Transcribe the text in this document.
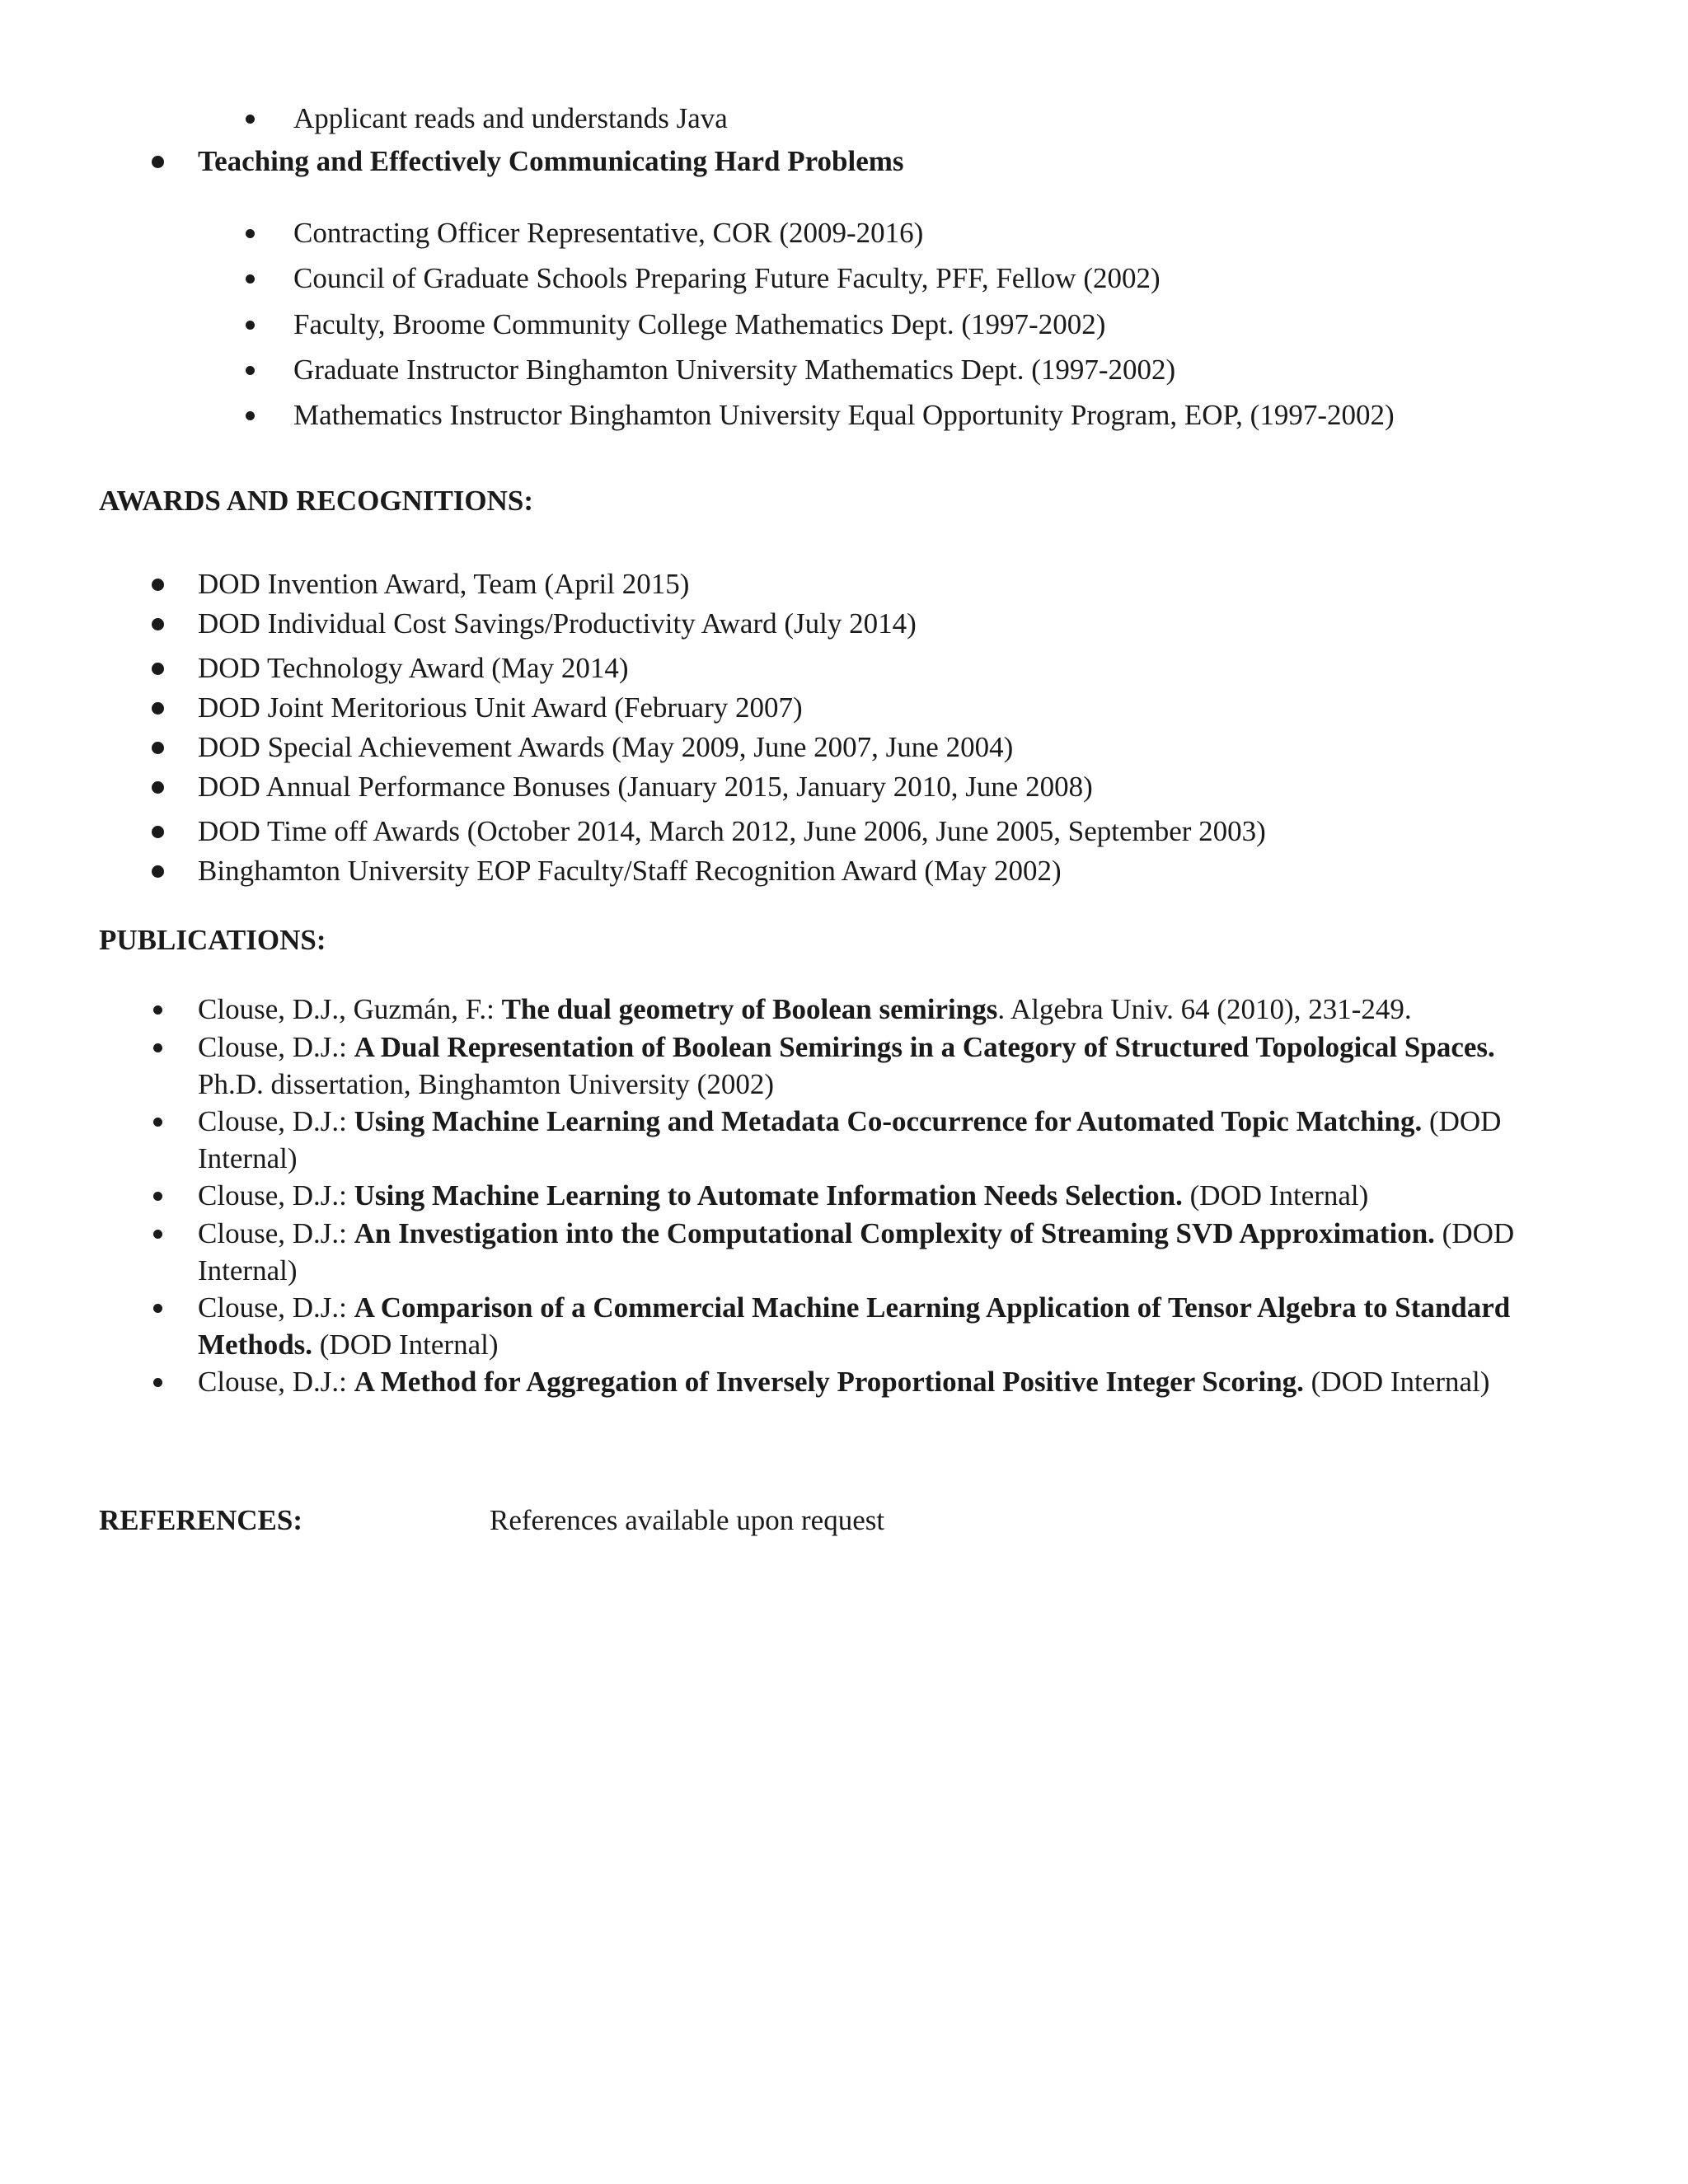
Applicant reads and understands Java
Teaching and Effectively Communicating Hard Problems
Contracting Officer Representative, COR (2009-2016)
Council of Graduate Schools Preparing Future Faculty, PFF, Fellow (2002)
Faculty, Broome Community College Mathematics Dept. (1997-2002)
Graduate Instructor Binghamton University Mathematics Dept. (1997-2002)
Mathematics Instructor Binghamton University Equal Opportunity Program, EOP, (1997-2002)
AWARDS AND RECOGNITIONS:
DOD Invention Award, Team (April 2015)
DOD Individual Cost Savings/Productivity Award (July 2014)
DOD Technology Award (May 2014)
DOD Joint Meritorious Unit Award (February 2007)
DOD Special Achievement Awards (May 2009, June 2007, June 2004)
DOD Annual Performance Bonuses (January 2015, January 2010, June 2008)
DOD Time off Awards (October 2014, March 2012, June 2006, June 2005, September 2003)
Binghamton University EOP Faculty/Staff Recognition Award (May 2002)
PUBLICATIONS:
Clouse, D.J., Guzmán, F.: The dual geometry of Boolean semirings. Algebra Univ. 64 (2010), 231-249.
Clouse, D.J.: A Dual Representation of Boolean Semirings in a Category of Structured Topological Spaces. Ph.D. dissertation, Binghamton University (2002)
Clouse, D.J.: Using Machine Learning and Metadata Co-occurrence for Automated Topic Matching. (DOD Internal)
Clouse, D.J.: Using Machine Learning to Automate Information Needs Selection. (DOD Internal)
Clouse, D.J.: An Investigation into the Computational Complexity of Streaming SVD Approximation. (DOD Internal)
Clouse, D.J.: A Comparison of a Commercial Machine Learning Application of Tensor Algebra to Standard Methods. (DOD Internal)
Clouse, D.J.: A Method for Aggregation of Inversely Proportional Positive Integer Scoring. (DOD Internal)
REFERENCES:	References available upon request
